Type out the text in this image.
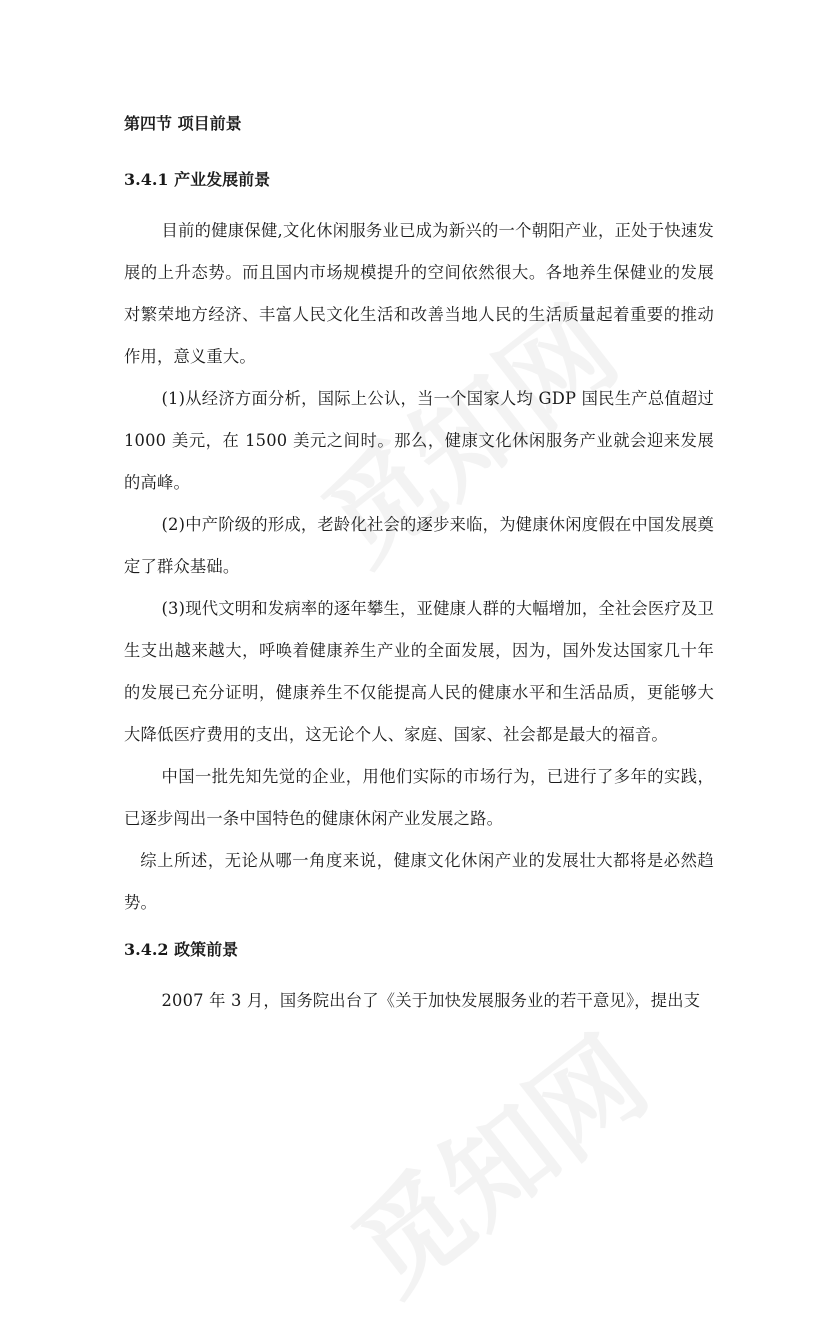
第四节 项目前景
3.4.1 产业发展前景

目前的健康保健,文化休闲服务业已成为新兴的一个朝阳产业，正处于快速发展的上升态势。而且国内市场规模提升的空间依然很大。各地养生保健业的发展对繁荣地方经济、丰富人民文化生活和改善当地人民的生活质量起着重要的推动作用，意义重大。

(1)从经济方面分析，国际上公认，当一个国家人均 GDP 国民生产总值超过 1000 美元，在 1500 美元之间时。那么，健康文化休闲服务产业就会迎来发展的高峰。

(2)中产阶级的形成，老龄化社会的逐步来临，为健康休闲度假在中国发展奠定了群众基础。

(3)现代文明和发病率的逐年攀生，亚健康人群的大幅增加，全社会医疗及卫生支出越来越大，呼唤着健康养生产业的全面发展，因为，国外发达国家几十年的发展已充分证明，健康养生不仅能提高人民的健康水平和生活品质，更能够大大降低医疗费用的支出，这无论个人、家庭、国家、社会都是最大的福音。

中国一批先知先觉的企业，用他们实际的市场行为，已进行了多年的实践，已逐步闯出一条中国特色的健康休闲产业发展之路。

综上所述，无论从哪一角度来说，健康文化休闲产业的发展壮大都将是必然趋势。

3.4.2 政策前景

2007 年 3 月，国务院出台了《关于加快发展服务业的若干意见》，提出支
